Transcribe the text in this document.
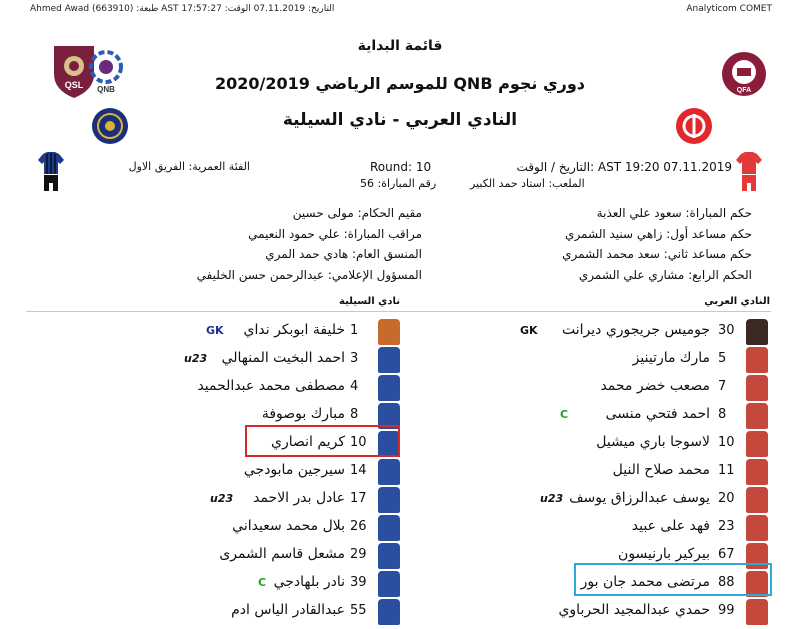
التاريخ: 07.11.2019 الوقت: AST 17:57:27 طبعة: (Ahmed Awad (663910	Analyticom COMET
قائمة البداية
دوري نجوم QNB للموسم الرياضي 2020/2019
النادي العربي - نادي السيلية
QSL QNB	QFA
التاريخ / الوقت: AST 19:20 07.11.2019
الملعب: استاد حمد الكبير
Round: 10
رقم المباراة: 56
الفئة العمرية: الفريق الاول
حكم المباراة: سعود علي العذبة
حكم مساعد أول: زاهي سنيد الشمري
حكم مساعد ثاني: سعد محمد الشمري
الحكم الرابع: مشاري علي الشمري
مقيم الحكام: مولى حسين
مراقب المباراة: علي حمود النعيمي
المنسق العام: هادي حمد المري
المسؤول الإعلامي: عبدالرحمن حسن الخليفي
النادي العربي
نادي السيلية
GK جوميس جريجوري ديرانت 30
مارك مارتينيز 5
مصعب خضر محمد 7
C	احمد فتحي منسى 8
لاسوجا باري ميشيل 10
محمد صلاح النيل 11
u23 يوسف عبدالرزاق يوسف 20
فهد على عبيد 23
بيركير بارنيسون 67
مرتضى محمد جان بور 88
حمدي عبدالمجيد الحرباوي 99
GK خليفة ابوبكر نداي 1
u23 احمد البخيت المنهالي 3
مصطفى محمد عبدالحميد 4
مبارك بوصوفة 8
كريم انصاري 10
سيرجين مابودجي 14
u23 عادل بدر الاحمد 17
بلال محمد سعيداني 26
مشعل قاسم الشمرى 29
C نادر بلهادجي 39
عبدالقادر الياس ادم 55
